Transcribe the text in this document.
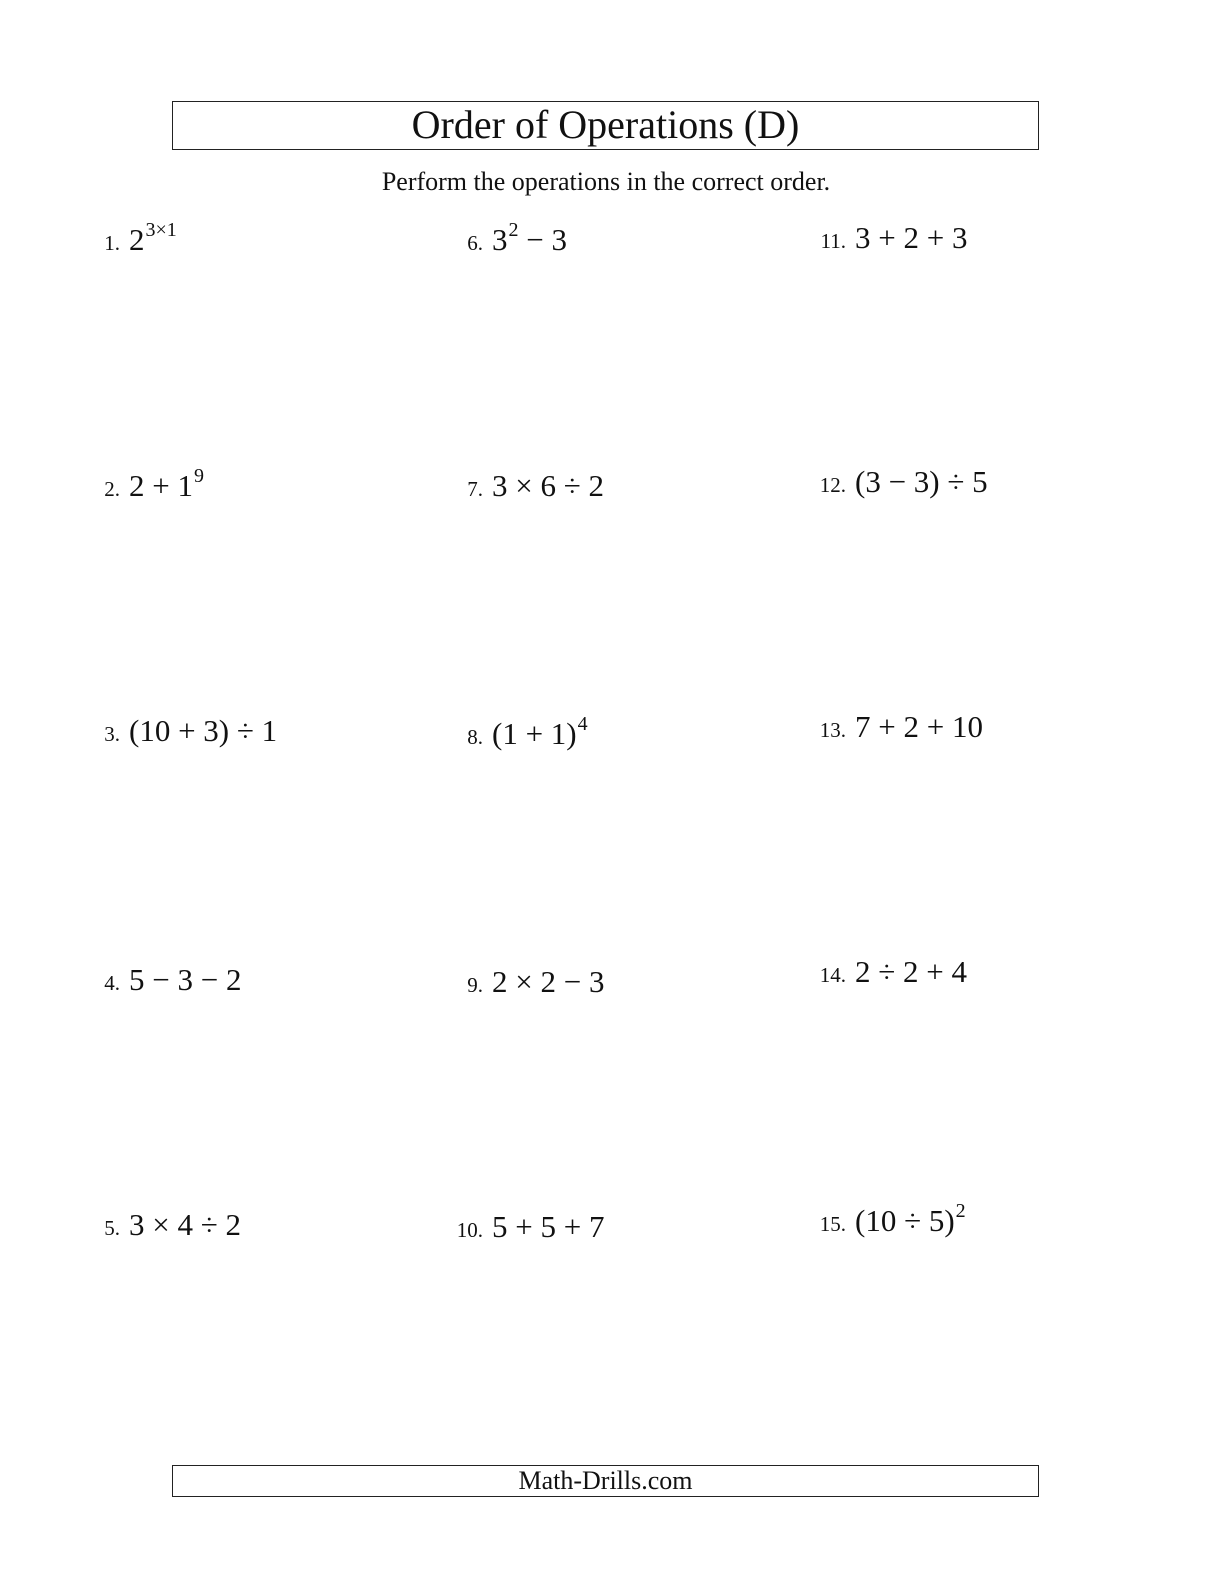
Order of Operations (D)
Perform the operations in the correct order.
1. $2^{3\times 1}$
2. $2 + 1^9$
3. (10 + 3) ÷ 1
4. 5 − 3 − 2
5. 3 × 4 ÷ 2
6. $3^2 - 3$
7. 3 × 6 ÷ 2
8. $(1 + 1)^4$
9. 2 × 2 − 3
10. 5 + 5 + 7
11. 3 + 2 + 3
12. (3 − 3) ÷ 5
13. 7 + 2 + 10
14. 2 ÷ 2 + 4
15. $(10 \div 5)^2$
Math-Drills.com
